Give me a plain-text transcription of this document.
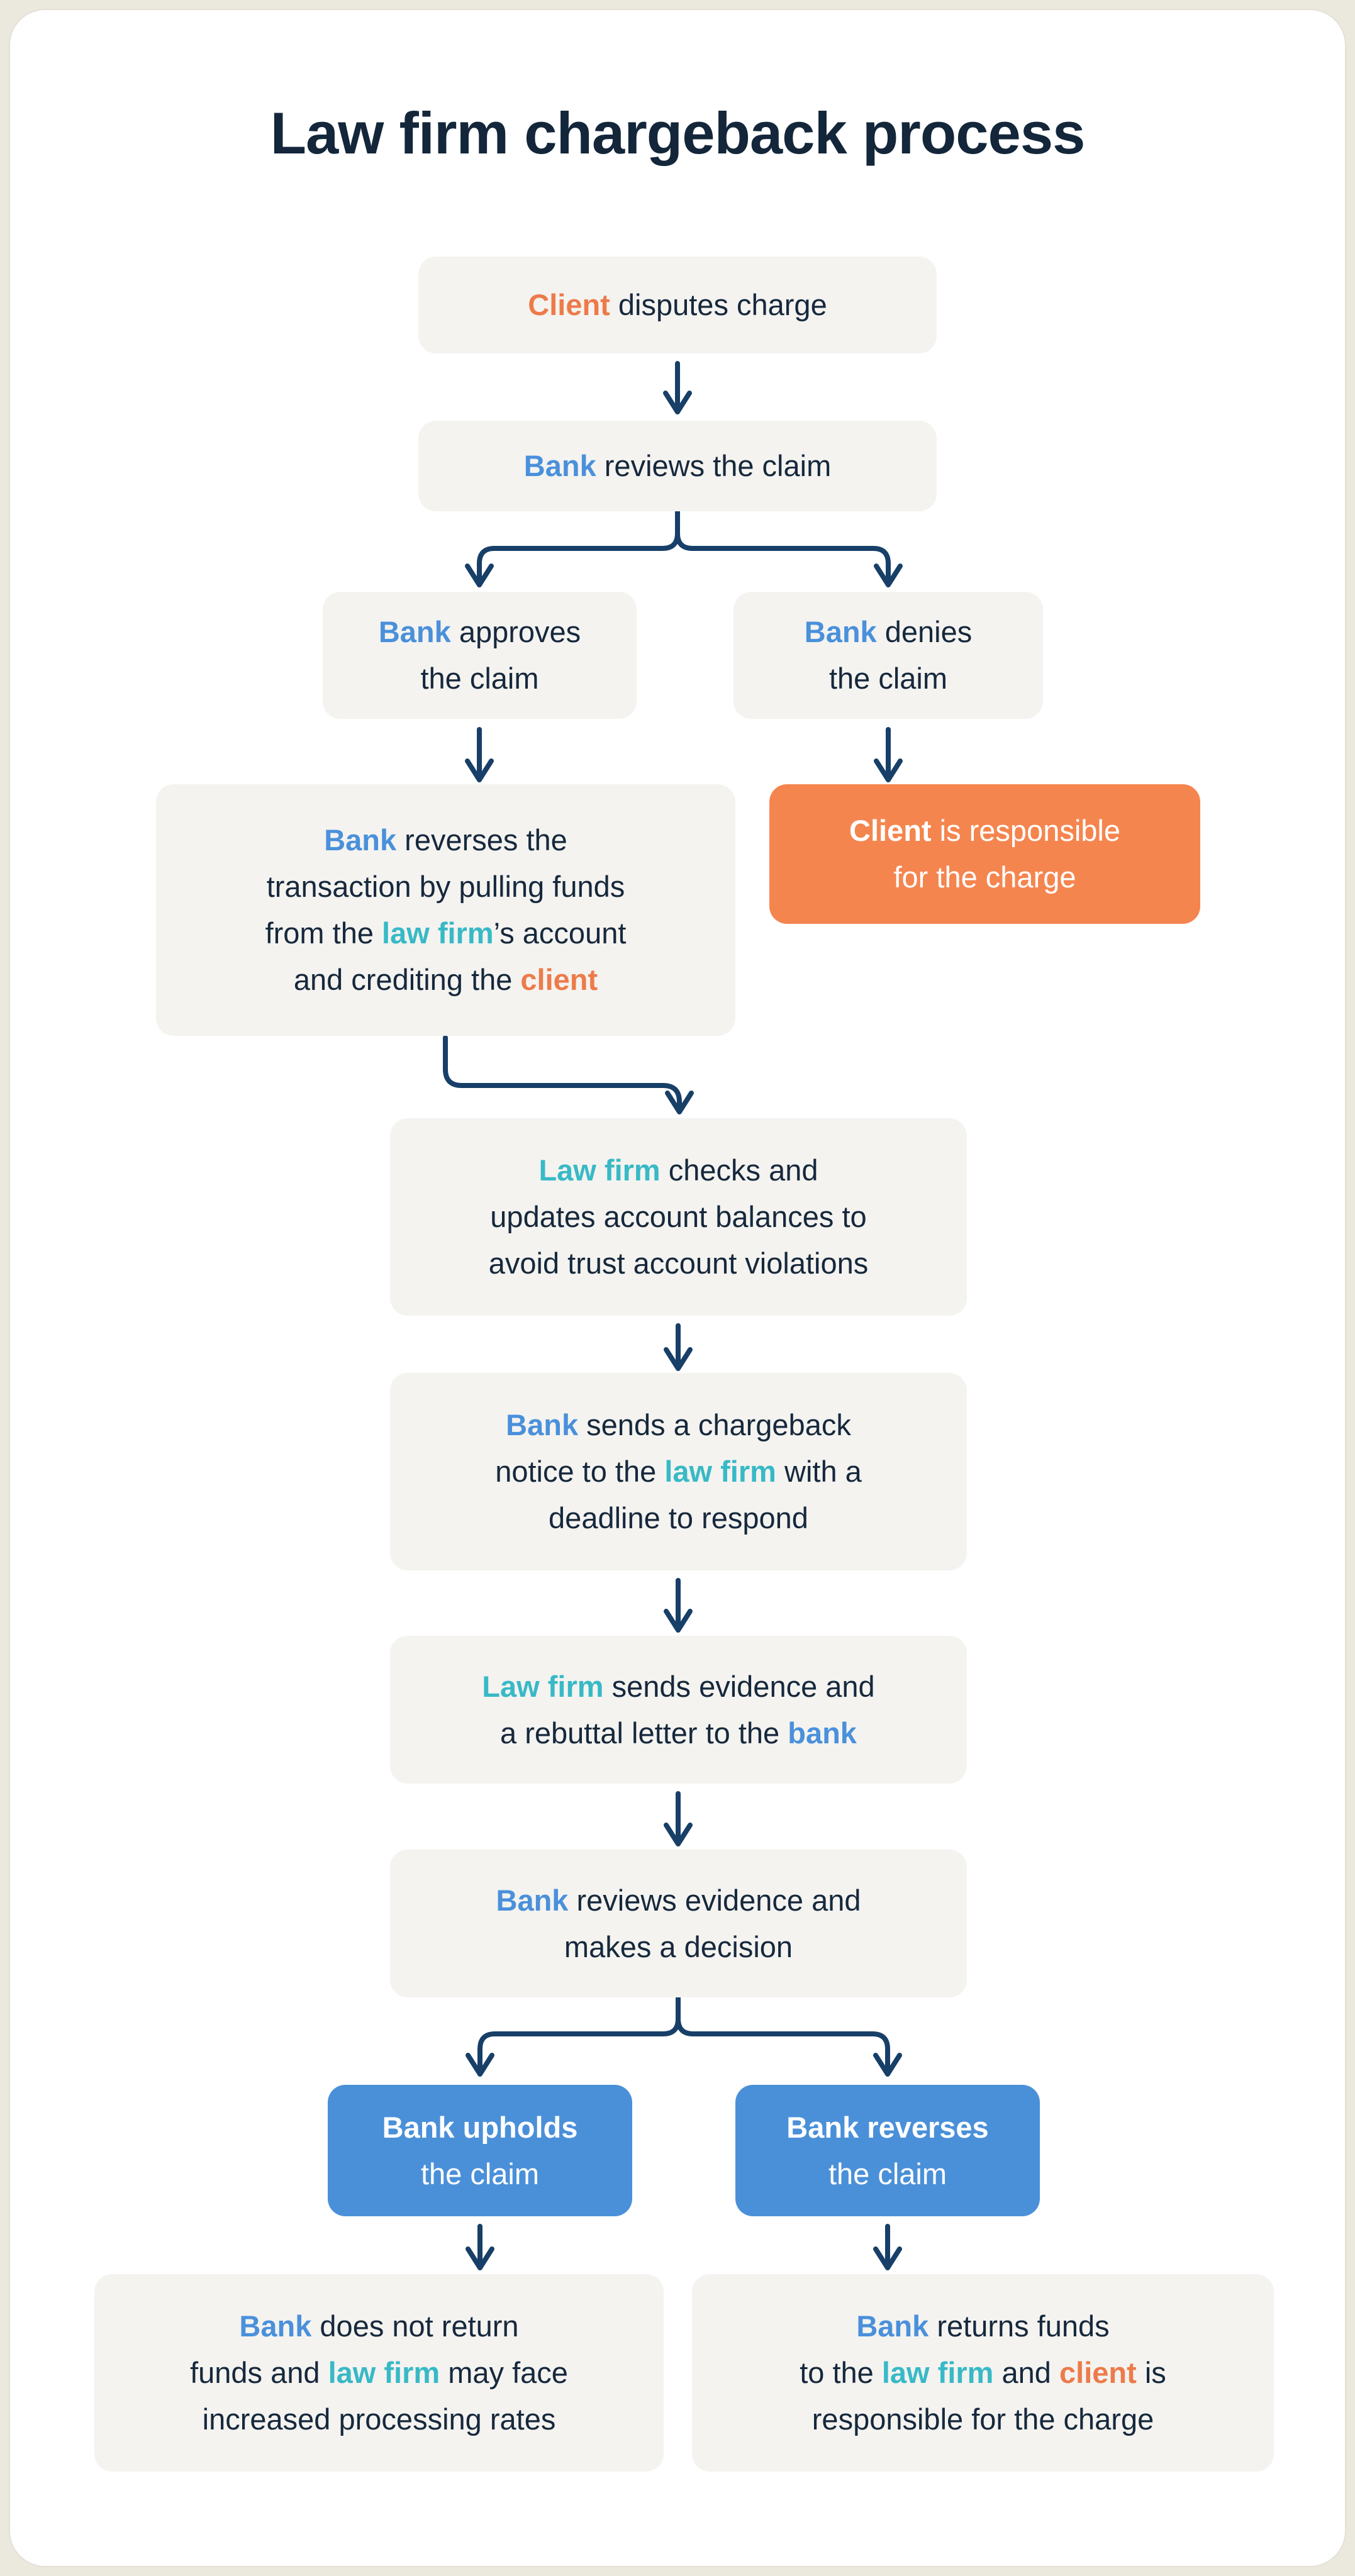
Law firm chargeback process
Client disputes charge
Bank reviews the claim
Bank approves
the claim
Bank denies
the claim
Bank reverses the
transaction by pulling funds
from the law firm’s account
and crediting the client
Client is responsible
for the charge
Law firm checks and
updates account balances to
avoid trust account violations
Bank sends a chargeback
notice to the law firm with a
deadline to respond
Law firm sends evidence and
a rebuttal letter to the bank
Bank reviews evidence and
makes a decision
Bank upholds
the claim
Bank reverses
the claim
Bank does not return
funds and law firm may face
increased processing rates
Bank returns funds
to the law firm and client is
responsible for the charge
